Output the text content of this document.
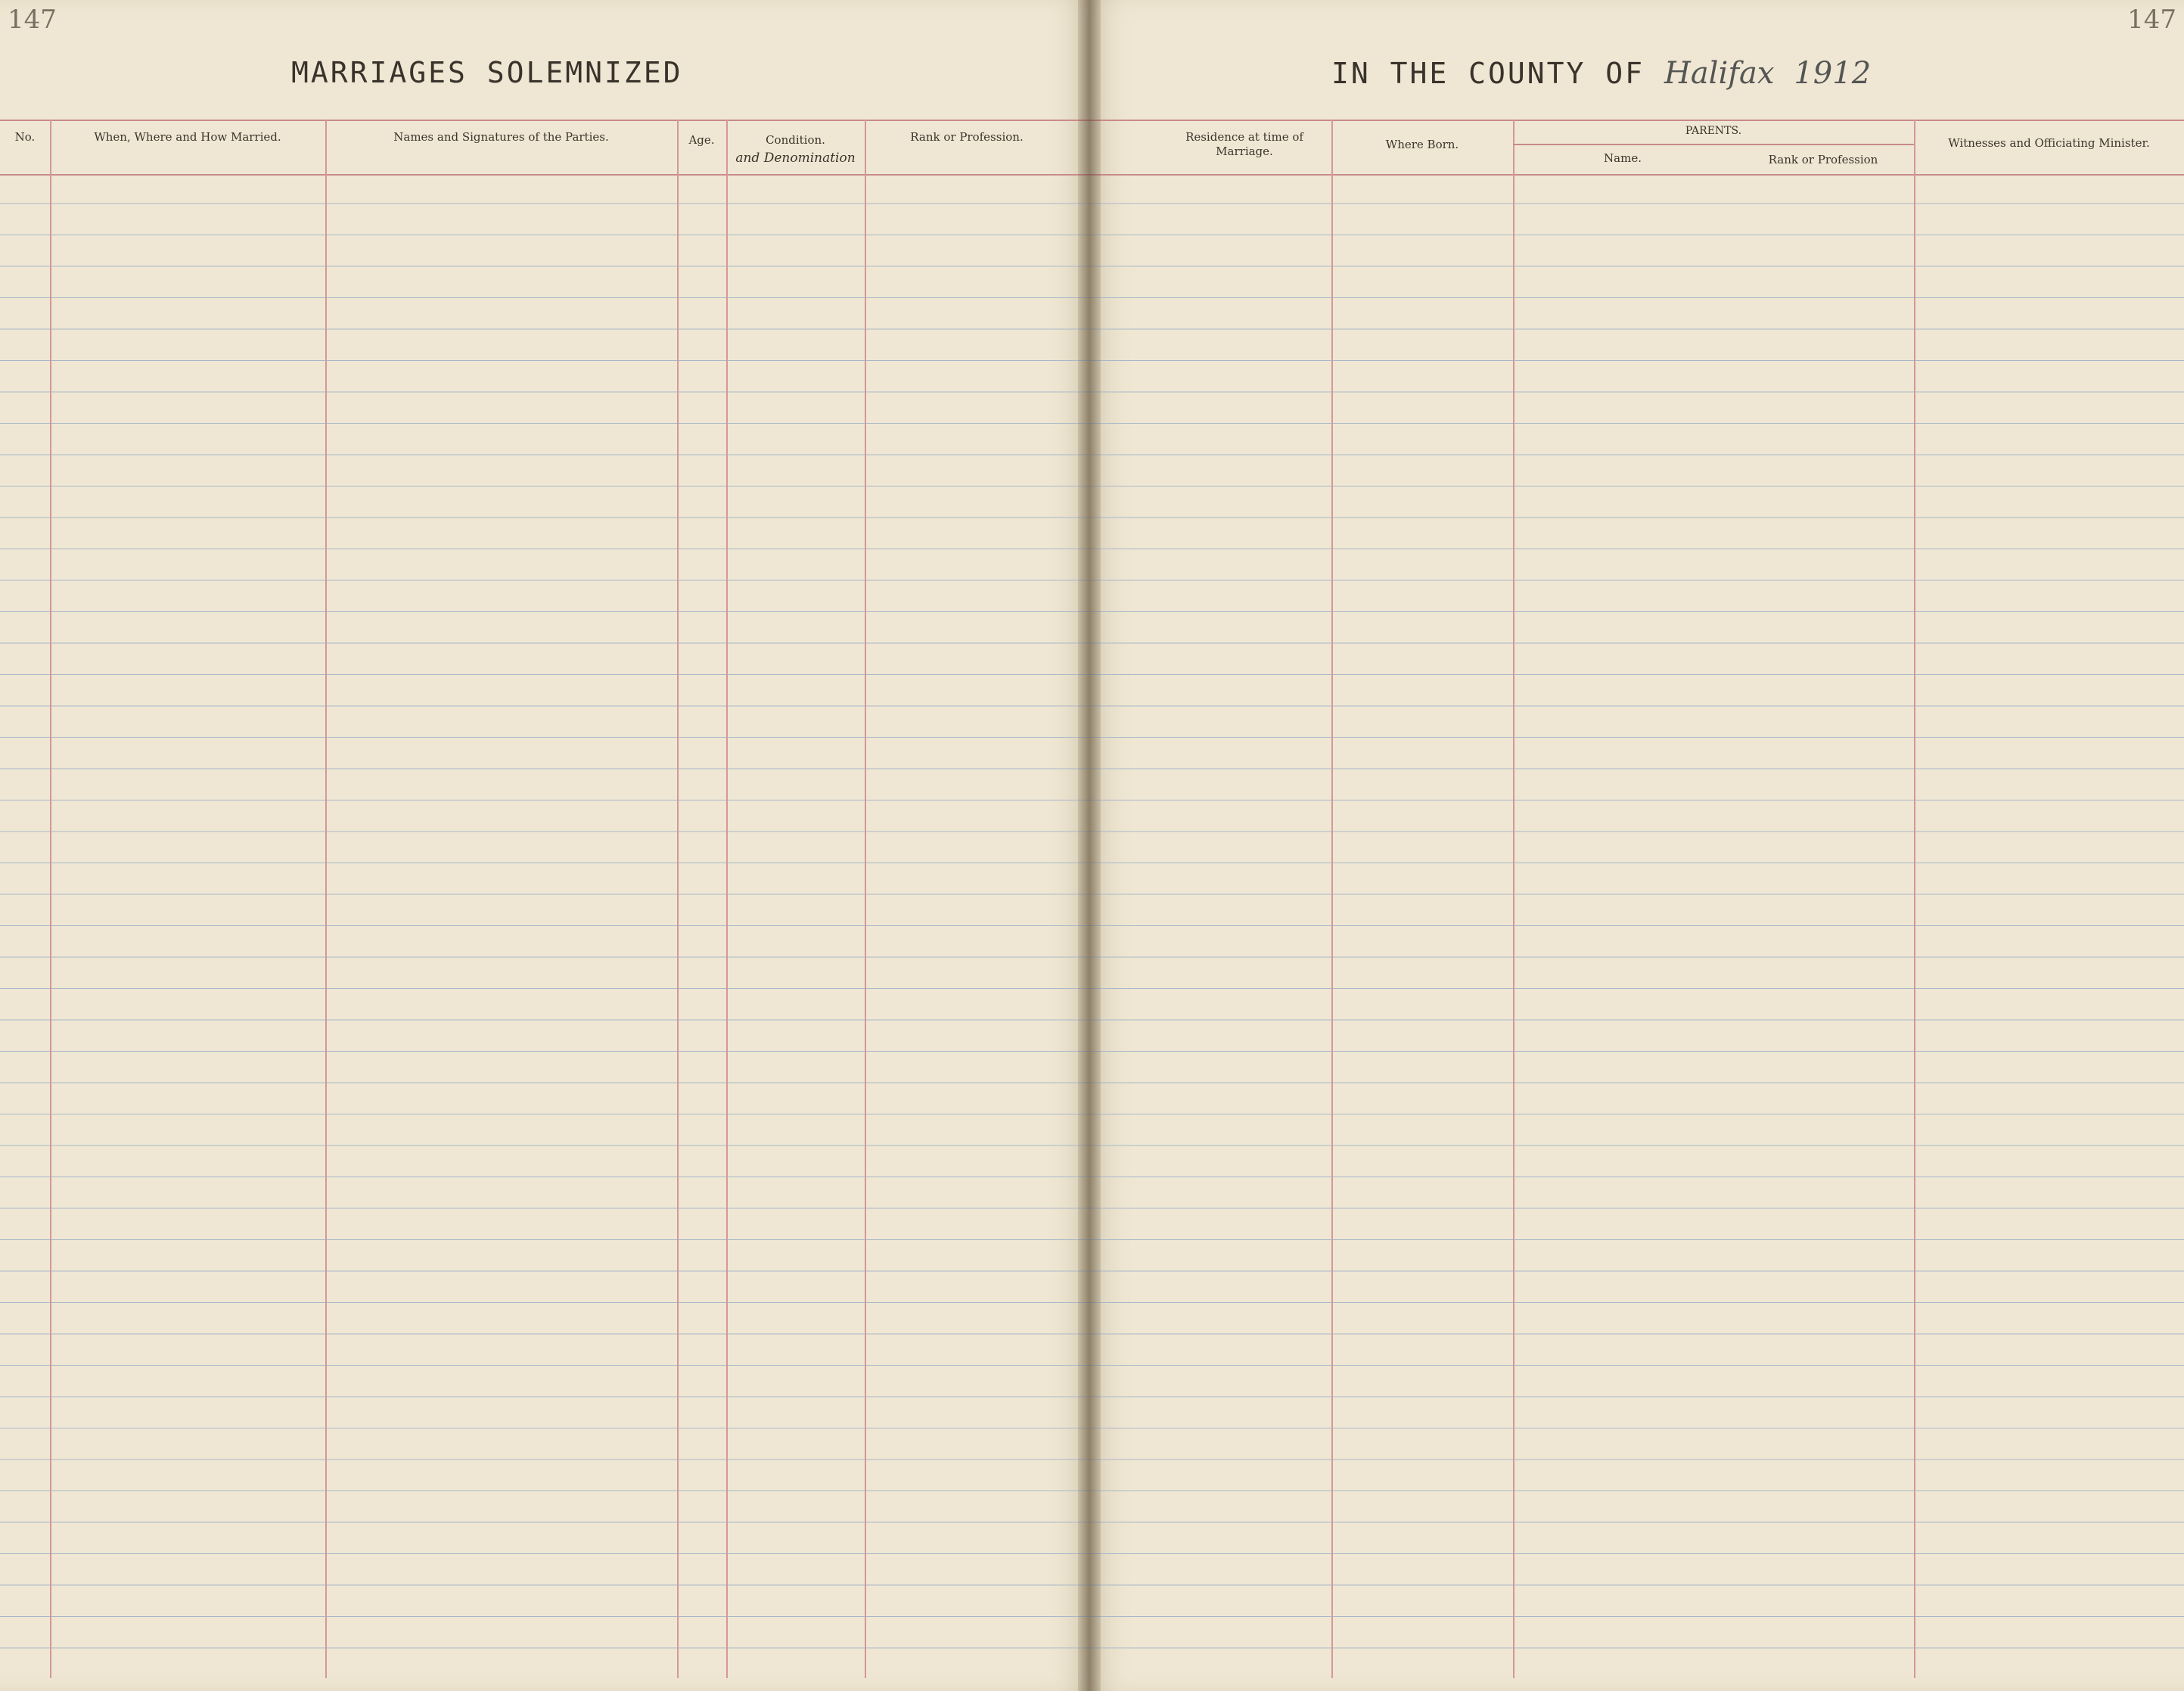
147
MARRIAGES SOLEMNIZED
No.	When, Where and How Married.	Names and Signatures of the Parties.	Age.	Condition.
and Denomination
Rank or Profession.
147
IN THE COUNTY OF Halifax 1912
Residence at time of Marriage.	Where Born.
PARENTS.
Name.	Rank or Profession
Witnesses and Officiating Minister.
